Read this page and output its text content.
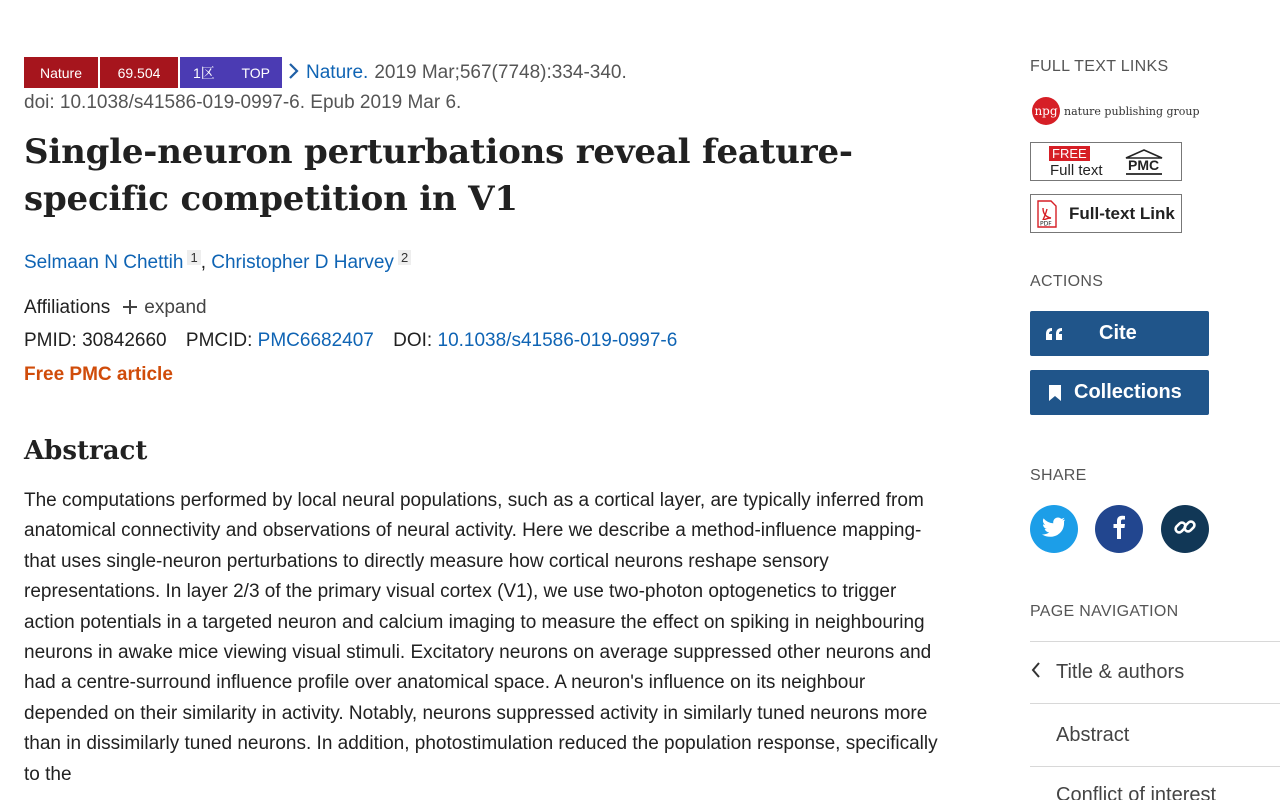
Nature	69.504	1区 TOP Nature. 2019 Mar;567(7748):334-340.
doi: 10.1038/s41586-019-0997-6. Epub 2019 Mar 6.
Single-neuron perturbations reveal feature-specific competition in V1
Selmaan N Chettih $^1$ , Christopher D Harvey $^2$
Affiliations expand
PMID: 30842660 PMCID: PMC6682407 DOI: 10.1038/s41586-019-0997-6
Free PMC article
Abstract

The computations performed by local neural populations, such as a cortical layer, are typically inferred from anatomical connectivity and observations of neural activity. Here we describe a method-influence mapping-that uses single-neuron perturbations to directly measure how cortical neurons reshape sensory representations. In layer 2/3 of the primary visual cortex (V1), we use two-photon optogenetics to trigger action potentials in a targeted neuron and calcium imaging to measure the effect on spiking in neighbouring neurons in awake mice viewing visual stimuli. Excitatory neurons on average suppressed other neurons and had a centre-surround influence profile over anatomical space. A neuron's influence on its neighbour depended on their similarity in activity. Notably, neurons suppressed activity in similarly tuned neurons more than in dissimilarly tuned neurons. In addition, photostimulation reduced the population response, specifically to the

FULL TEXT LINKS
npg nature publishing group
FREE
Full text PMC
PDF
Full-text Link
ACTIONS
Cite
Collections
SHARE
PAGE NAVIGATION
Title & authors
Abstract
Conflict of interest
